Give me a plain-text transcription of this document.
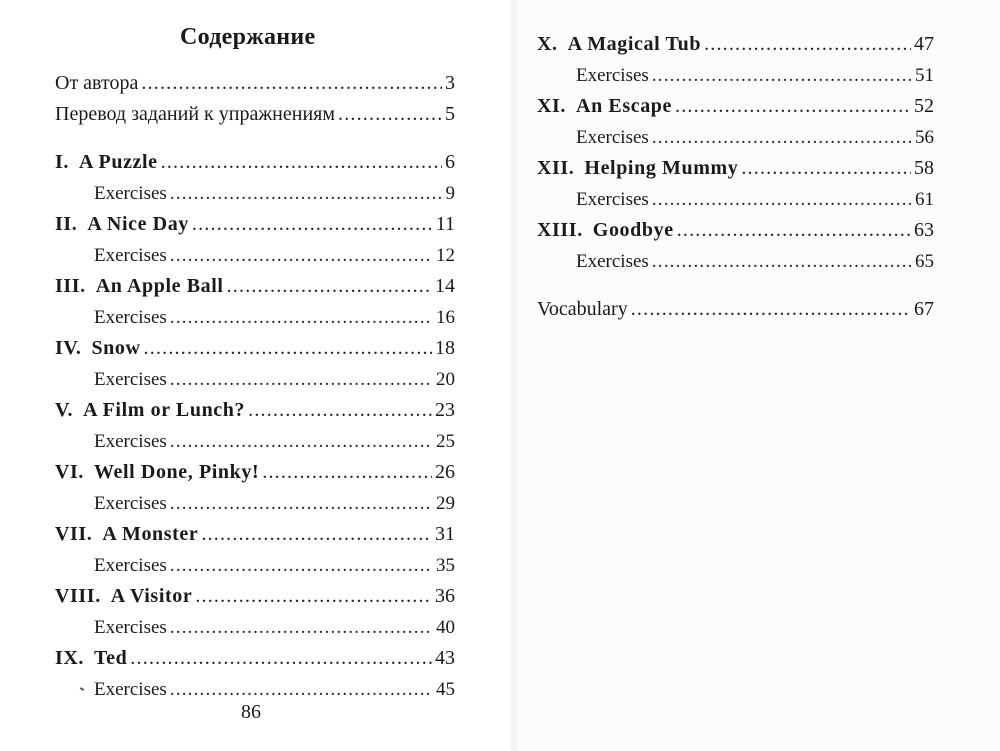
Содержание
От автора .....	3
Перевод заданий к упражнениям .....	5
I. A Puzzle .....	6
Exercises .....	9
II. A Nice Day .....	11
Exercises .....	12
III. An Apple Ball .....	14
Exercises .....	16
IV. Snow .....	18
Exercises .....	20
V. A Film or Lunch? .....	23
Exercises .....	25
VI. Well Done, Pinky! .....	26
Exercises .....	29
VII. A Monster .....	31
Exercises .....	35
VIII. A Visitor .....	36
Exercises .....	40
IX. Ted .....	43
Exercises .....	45
86
X. A Magical Tub .....	47
Exercises .....	51
XI. An Escape .....	52
Exercises .....	56
XII. Helping Mummy .....	58
Exercises .....	61
XIII. Goodbye .....	63
Exercises .....	65
Vocabulary .....	67
